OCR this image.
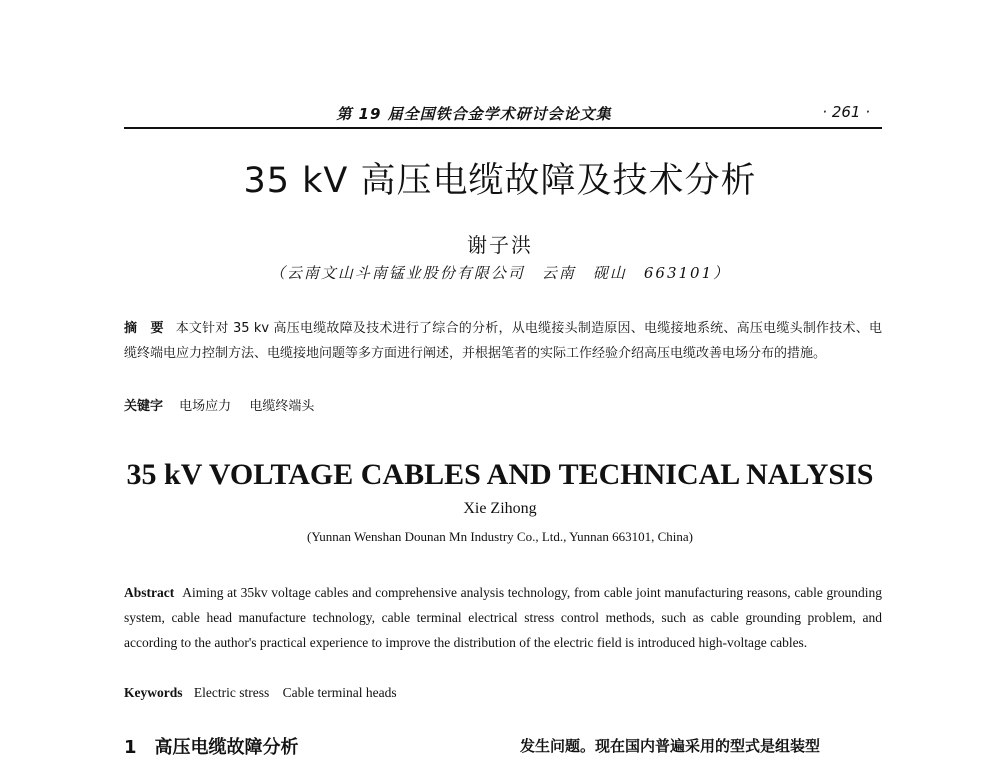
第 19 届全国铁合金学术研讨会论文集	· 261 ·
35 kV 高压电缆故障及技术分析
谢子洪
（云南文山斗南锰业股份有限公司　云南　砚山　663101）
摘　要 本文针对 35 kv 高压电缆故障及技术进行了综合的分析，从电缆接头制造原因、电缆接地系统、高压电缆头制作技术、电缆终端电应力控制方法、电缆接地问题等多方面进行阐述，并根据笔者的实际工作经验介绍高压电缆改善电场分布的措施。
关键字 电场应力 电缆终端头
35 kV VOLTAGE CABLES AND TECHNICAL NALYSIS
Xie Zihong
(Yunnan Wenshan Dounan Mn Industry Co., Ltd., Yunnan 663101, China)
Abstract Aiming at 35kv voltage cables and comprehensive analysis technology, from cable joint manufacturing reasons, cable grounding system, cable head manufacture technology, cable terminal electrical stress control methods, such as cable grounding problem, and according to the author's practical experience to improve the distribution of the electric field is introduced high-voltage cables.
Keywords Electric stress Cable terminal heads
1 高压电缆故障分析	发生问题。现在国内普遍采用的型式是组装型
